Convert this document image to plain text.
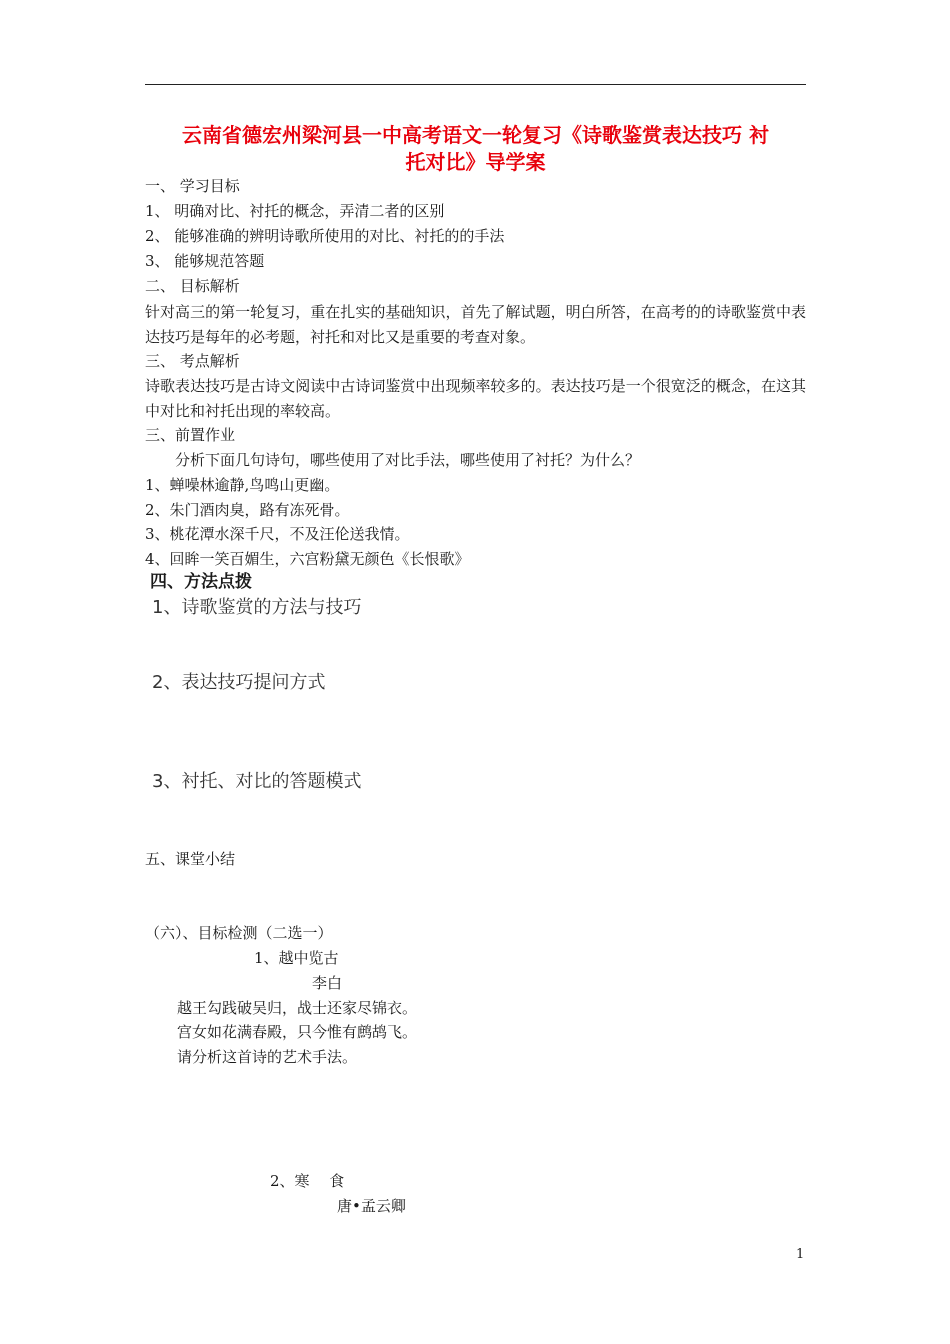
云南省德宏州梁河县一中高考语文一轮复习《诗歌鉴赏表达技巧 衬
托对比》导学案
一、 学习目标
1、 明确对比、衬托的概念，弄清二者的区别
2、 能够准确的辨明诗歌所使用的对比、衬托的的手法
3、 能够规范答题
二、 目标解析
针对高三的第一轮复习，重在扎实的基础知识，首先了解试题，明白所答，在高考的的诗歌鉴赏中表达技巧是每年的必考题，衬托和对比又是重要的考查对象。
三、 考点解析
诗歌表达技巧是古诗文阅读中古诗词鉴赏中出现频率较多的。表达技巧是一个很宽泛的概念，在这其中对比和衬托出现的率较高。
三、前置作业
分析下面几句诗句，哪些使用了对比手法，哪些使用了衬托？为什么？
1、蝉噪林逾静,鸟鸣山更幽。
2、朱门酒肉臭，路有冻死骨。
3、桃花潭水深千尺，不及汪伦送我情。
4、回眸一笑百媚生，六宫粉黛无颜色《长恨歌》
四、方法点拨
1、诗歌鉴赏的方法与技巧
2、表达技巧提问方式
3、衬托、对比的答题模式
五、课堂小结
（六）、目标检测（二选一）
1、越中览古
李白
越王勾践破吴归，战士还家尽锦衣。
宫女如花满春殿，只今惟有鹧鸪飞。
请分析这首诗的艺术手法。
2、寒　 食
唐•孟云卿
1
